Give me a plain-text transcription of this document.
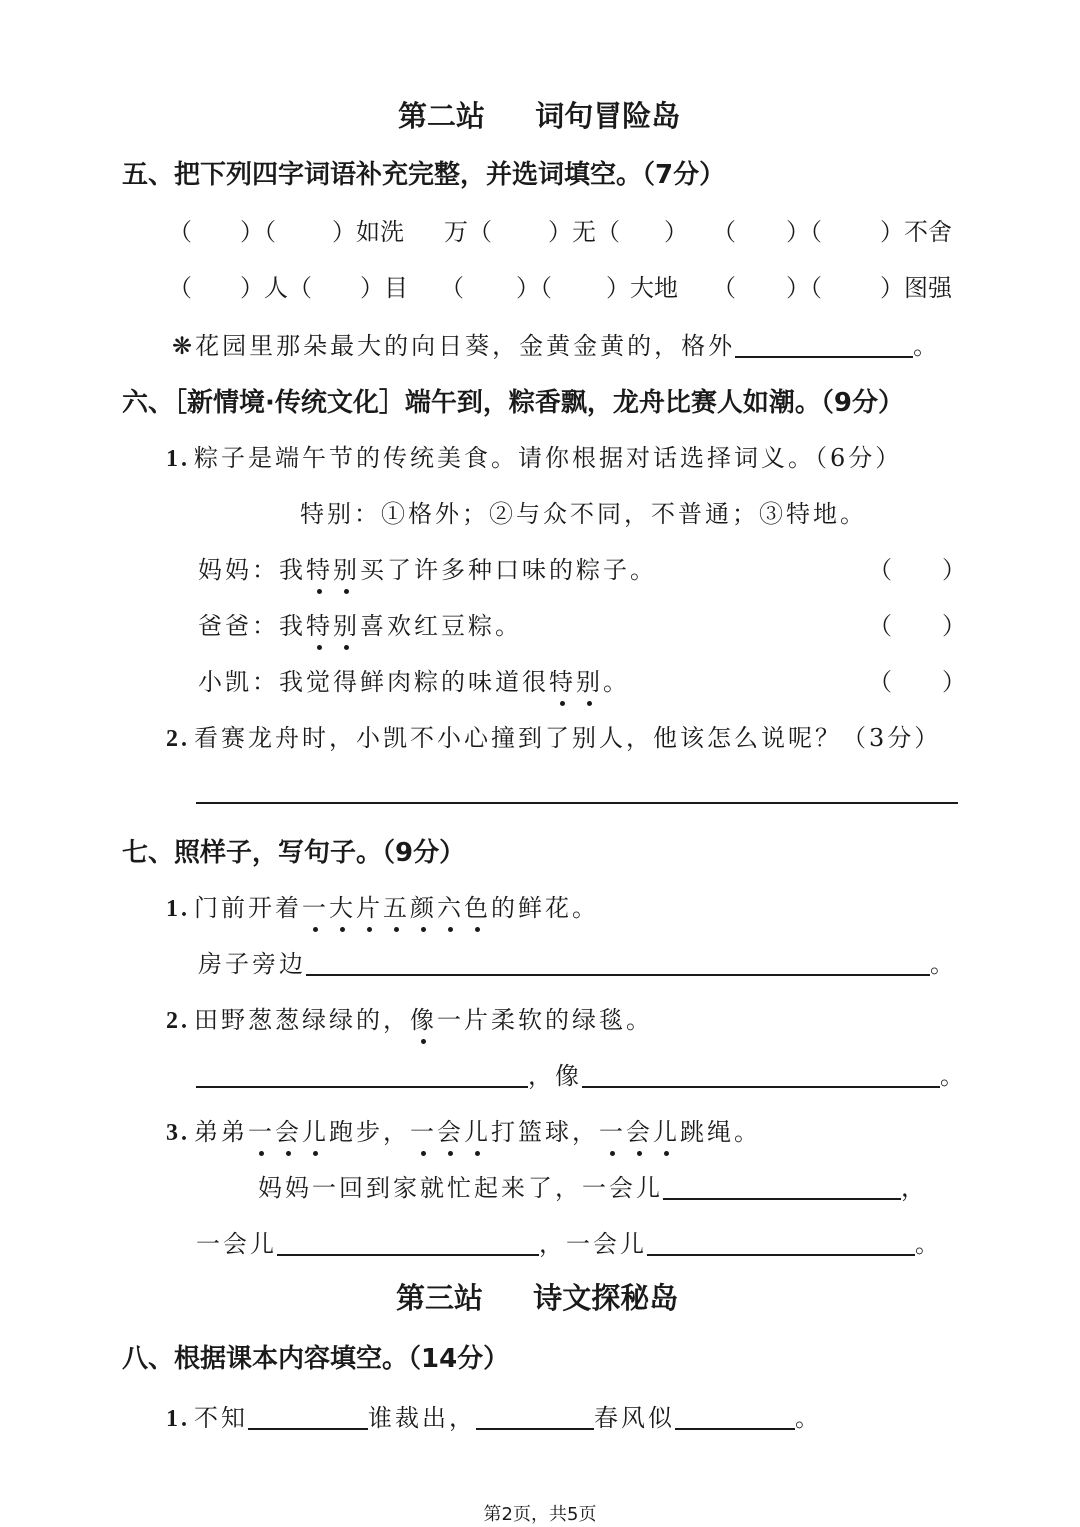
第二站 词句冒险岛
五、把下列四字词语补充完整，并选词填空。（7分）
（ ）（ ）如洗 万（ ）无（ ） （ ）（ ）不舍
（ ）人（ ）目 （ ）（ ）大地 （ ）（ ）图强
❋花园里那朵最大的向日葵，金黄金黄的，格外	。
六、［新情境·传统文化］端午到，粽香飘，龙舟比赛人如潮。（9分）
1. 粽子是端午节的传统美食。请你根据对话选择词义。（6分）
特别：①格外；②与众不同，不普通；③特地。
妈妈：我特别买了许多种口味的粽子。	（ ）
爸爸：我特别喜欢红豆粽。	（ ）
小凯：我觉得鲜肉粽的味道很特别。	（ ）
2. 看赛龙舟时，小凯不小心撞到了别人，他该怎么说呢？（3分）
七、照样子，写句子。（9分）
1. 门前开着一大片五颜六色的鲜花。
房子旁边	。
2. 田野葱葱绿绿的，像一片柔软的绿毯。
，像	。
3. 弟弟一会儿跑步，一会儿打篮球，一会儿跳绳。
妈妈一回到家就忙起来了，一会儿	，
一会儿	，一会儿	。
第三站 诗文探秘岛
八、根据课本内容填空。（14分）
1. 不知	谁裁出，	春风似	。
第2页，共5页
